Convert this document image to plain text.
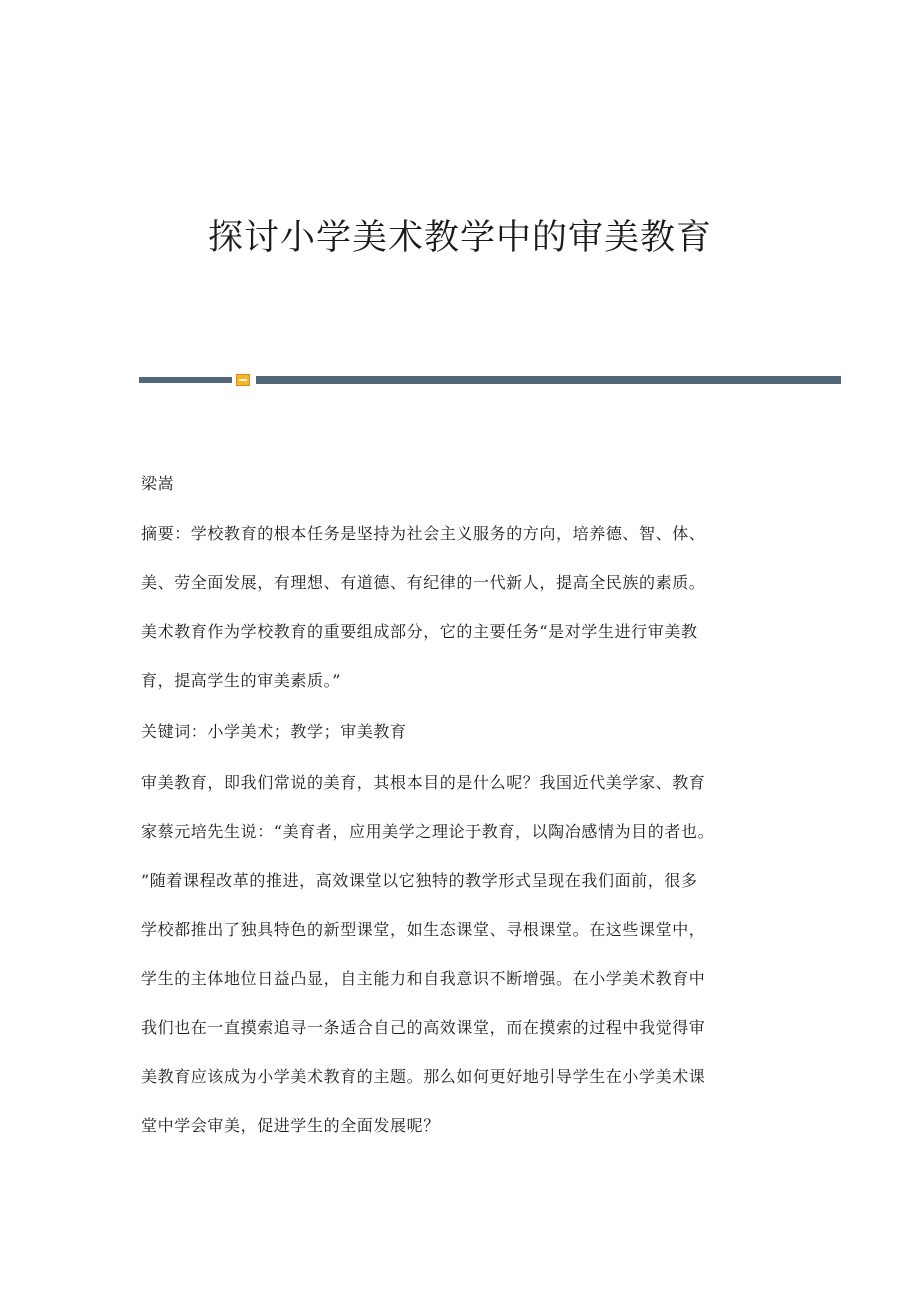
探讨小学美术教学中的审美教育
梁嵩
摘要：学校教育的根本任务是坚持为社会主义服务的方向，培养德、智、体、
美、劳全面发展，有理想、有道德、有纪律的一代新人，提高全民族的素质。
美术教育作为学校教育的重要组成部分，它的主要任务“是对学生进行审美教
育，提高学生的审美素质。”
关键词：小学美术；教学；审美教育
审美教育，即我们常说的美育，其根本目的是什么呢？我国近代美学家、教育
家蔡元培先生说：“美育者，应用美学之理论于教育，以陶冶感情为目的者也。
”随着课程改革的推进，高效课堂以它独特的教学形式呈现在我们面前，很多
学校都推出了独具特色的新型课堂，如生态课堂、寻根课堂。在这些课堂中，
学生的主体地位日益凸显，自主能力和自我意识不断增强。在小学美术教育中
我们也在一直摸索追寻一条适合自己的高效课堂，而在摸索的过程中我觉得审
美教育应该成为小学美术教育的主题。那么如何更好地引导学生在小学美术课
堂中学会审美，促进学生的全面发展呢？
